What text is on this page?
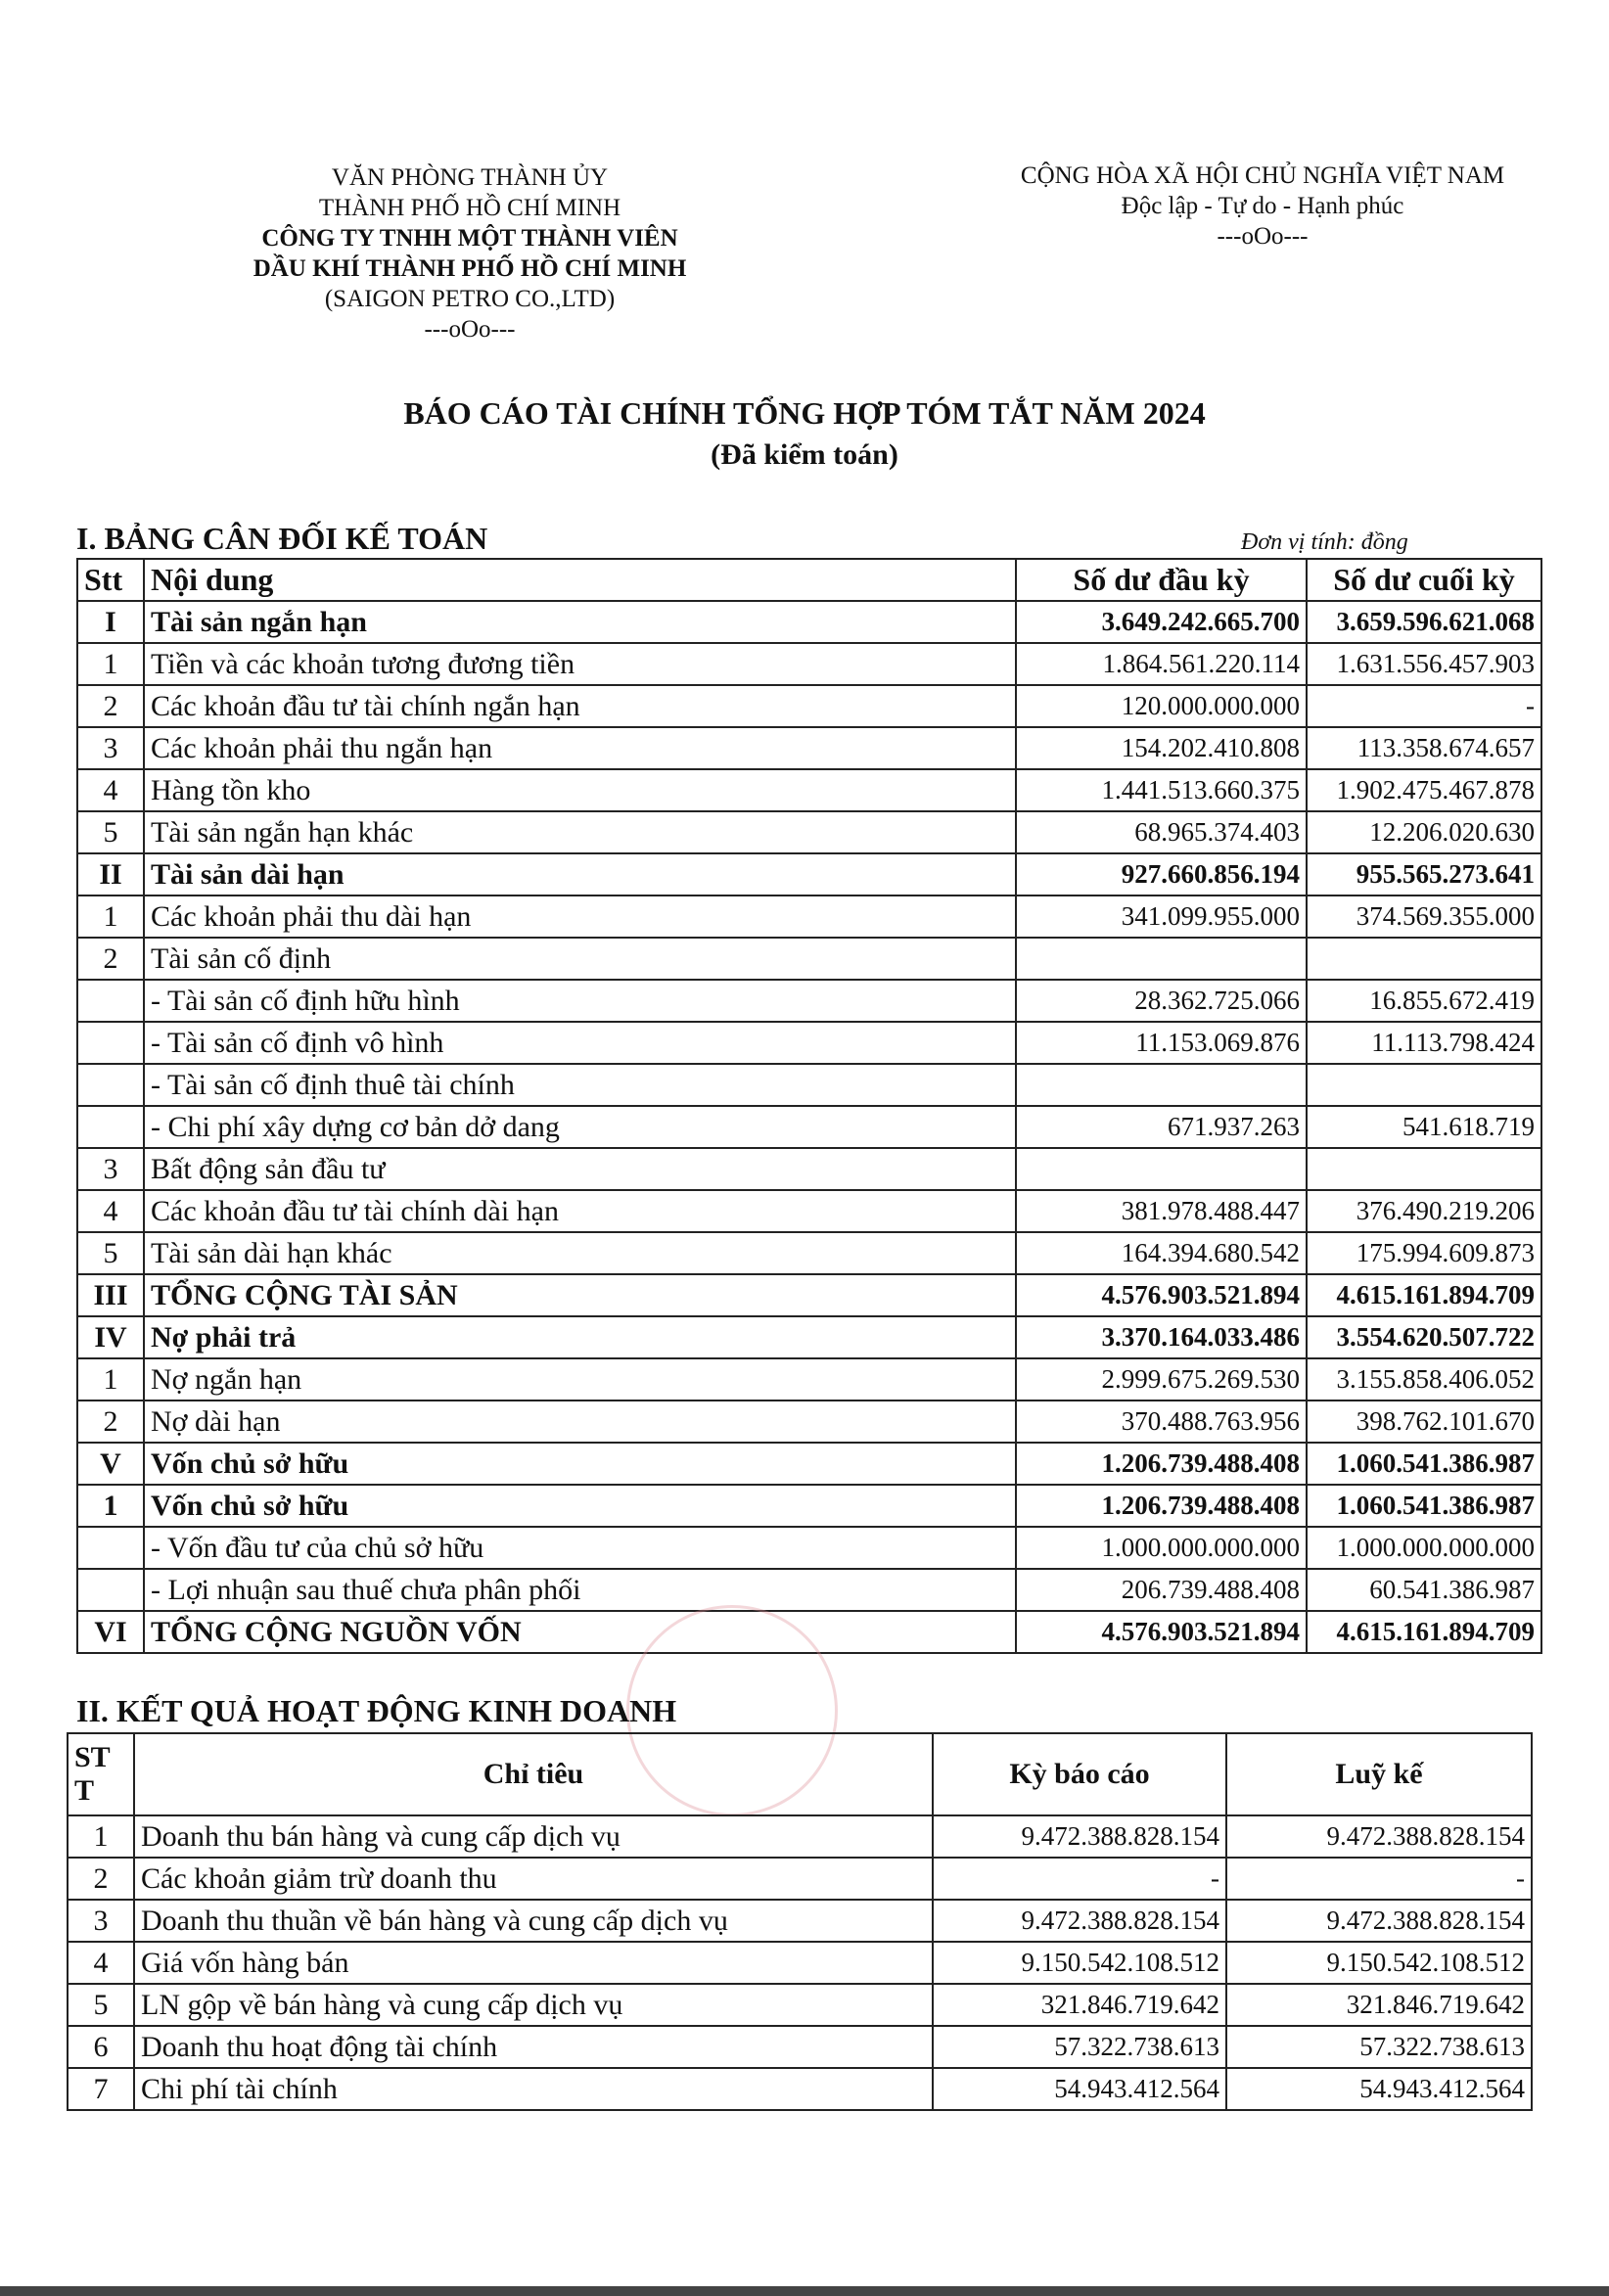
VĂN PHÒNG THÀNH ỦY
THÀNH PHỐ HỒ CHÍ MINH
CÔNG TY TNHH MỘT THÀNH VIÊN
DẦU KHÍ THÀNH PHỐ HỒ CHÍ MINH
(SAIGON PETRO CO.,LTD)
---oOo---
CỘNG HÒA XÃ HỘI CHỦ NGHĨA VIỆT NAM
Độc lập - Tự do - Hạnh phúc
---oOo---
BÁO CÁO TÀI CHÍNH TỔNG HỢP TÓM TẮT NĂM 2024
(Đã kiểm toán)
I. BẢNG CÂN ĐỐI KẾ TOÁN	Đơn vị tính: đồng
Stt	Nội dung	Số dư đầu kỳ	Số dư cuối kỳ
I	Tài sản ngắn hạn	3.649.242.665.700	3.659.596.621.068
1	Tiền và các khoản tương đương tiền	1.864.561.220.114	1.631.556.457.903
2	Các khoản đầu tư tài chính ngắn hạn	120.000.000.000	-
3	Các khoản phải thu ngắn hạn	154.202.410.808	113.358.674.657
4	Hàng tồn kho	1.441.513.660.375	1.902.475.467.878
5	Tài sản ngắn hạn khác	68.965.374.403	12.206.020.630
II	Tài sản dài hạn	927.660.856.194	955.565.273.641
1	Các khoản phải thu dài hạn	341.099.955.000	374.569.355.000
2	Tài sản cố định		
	- Tài sản cố định hữu hình	28.362.725.066	16.855.672.419
	- Tài sản cố định vô hình	11.153.069.876	11.113.798.424
	- Tài sản cố định thuê tài chính		
	- Chi phí xây dựng cơ bản dở dang	671.937.263	541.618.719
3	Bất động sản đầu tư		
4	Các khoản đầu tư tài chính dài hạn	381.978.488.447	376.490.219.206
5	Tài sản dài hạn khác	164.394.680.542	175.994.609.873
III	TỔNG CỘNG TÀI SẢN	4.576.903.521.894	4.615.161.894.709
IV	Nợ phải trả	3.370.164.033.486	3.554.620.507.722
1	Nợ ngắn hạn	2.999.675.269.530	3.155.858.406.052
2	Nợ dài hạn	370.488.763.956	398.762.101.670
V	Vốn chủ sở hữu	1.206.739.488.408	1.060.541.386.987
1	Vốn chủ sở hữu	1.206.739.488.408	1.060.541.386.987
	- Vốn đầu tư của chủ sở hữu	1.000.000.000.000	1.000.000.000.000
	- Lợi nhuận sau thuế chưa phân phối	206.739.488.408	60.541.386.987
VI	TỔNG CỘNG NGUỒN VỐN	4.576.903.521.894	4.615.161.894.709
II. KẾT QUẢ HOẠT ĐỘNG KINH DOANH
STT	Chỉ tiêu	Kỳ báo cáo	Luỹ kế
1	Doanh thu bán hàng và cung cấp dịch vụ	9.472.388.828.154	9.472.388.828.154
2	Các khoản giảm trừ doanh thu	-	-
3	Doanh thu thuần về bán hàng và cung cấp dịch vụ	9.472.388.828.154	9.472.388.828.154
4	Giá vốn hàng bán	9.150.542.108.512	9.150.542.108.512
5	LN gộp về bán hàng và cung cấp dịch vụ	321.846.719.642	321.846.719.642
6	Doanh thu hoạt động tài chính	57.322.738.613	57.322.738.613
7	Chi phí tài chính	54.943.412.564	54.943.412.564
